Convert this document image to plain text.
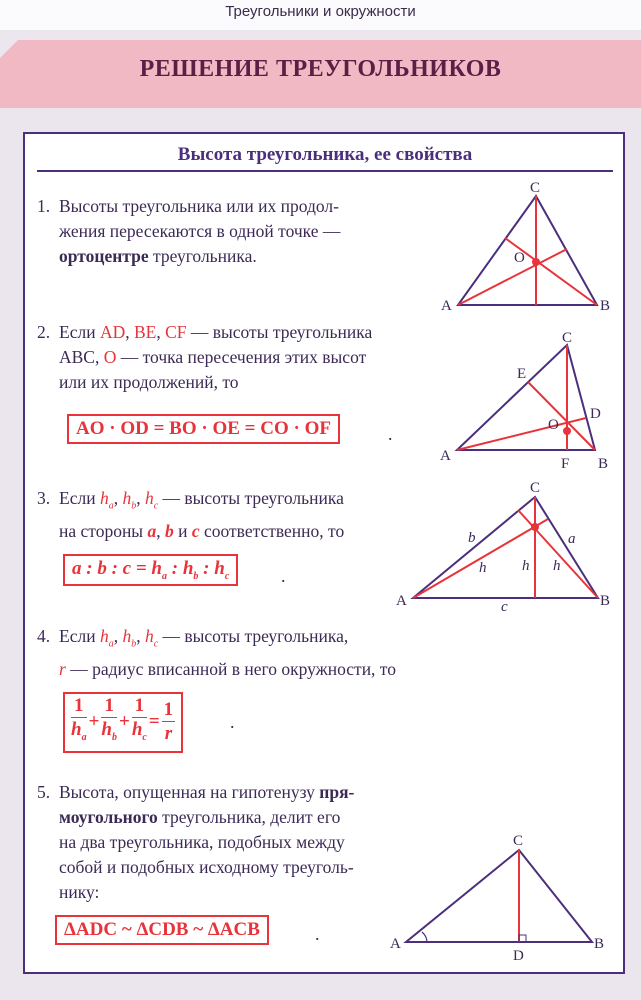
Треугольники и окружности
РЕШЕНИЕ ТРЕУГОЛЬНИКОВ
Высота треугольника, ее свойства
1. Высоты треугольника или их продол-
жения пересекаются в одной точке —
ортоцентре треугольника.
2. Если AD, BE, CF — высоты треугольника
ABC, O — точка пересечения этих высот
или их продолжений, то
AO · OD = BO · OE = CO · OF	.
3. Если $h_a$, $h_b$, $h_c$ — высоты треугольника
на стороны a, b и c соответственно, то
a : b : $c = h_a$ : $h_b$ : $h_c$	.
4. Если $h_a$, $h_b$, $h_c$ — высоты треугольника,
r — радиус вписанной в него окружности, то
$\frac{1}{h_a} + \frac{1}{h_b} + \frac{1}{h_c} = \frac{1}{r}$	.
5. Высота, опущенная на гипотенузу пря-
моугольного треугольника, делит его
на два треугольника, подобных между
собой и подобных исходному треуголь-
нику:
ΔADC ~ ΔCDB ~ ΔACB	.
C
A	B
O
C
E
D
O
A	F B
C
A	B
b	a
c
h h h
C
A	B
D
